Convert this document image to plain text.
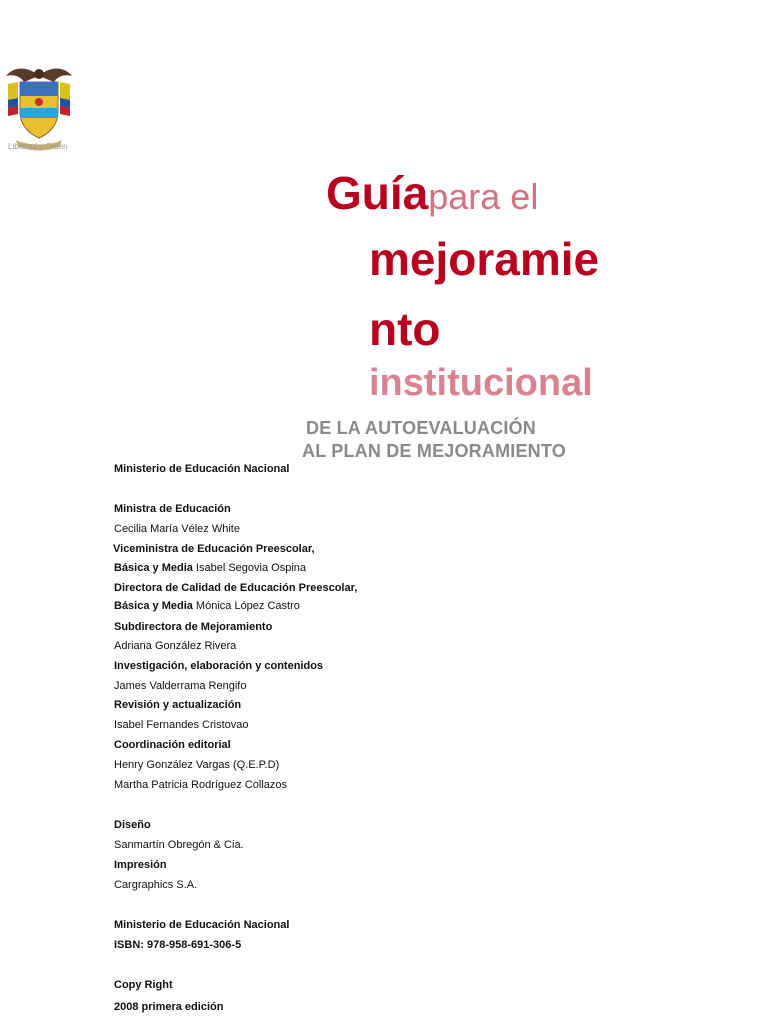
Libertad y Orden
Guíapara el
mejoramie
nto
institucional
DE LA AUTOEVALUACIÓN
AL PLAN DE MEJORAMIENTO
Ministerio de Educación Nacional
Ministra de Educación
Cecilia María Vélez White
Viceministra de Educación Preescolar,
Básica y Media Isabel Segovia Ospina
Directora de Calidad de Educación Preescolar,
Básica y Media Mónica López Castro
Subdirectora de Mejoramiento
Adriana González Rivera
Investigación, elaboración y contenidos
James Valderrama Rengifo
Revisión y actualización
Isabel Fernandes Cristovao
Coordinación editorial
Henry González Vargas (Q.E.P.D)
Martha Patricia Rodríguez Collazos
Diseño
Sanmartín Obregón & Cia.
Impresión
Cargraphics S.A.
Ministerio de Educación Nacional
ISBN: 978-958-691-306-5
Copy Right
2008 primera edición
